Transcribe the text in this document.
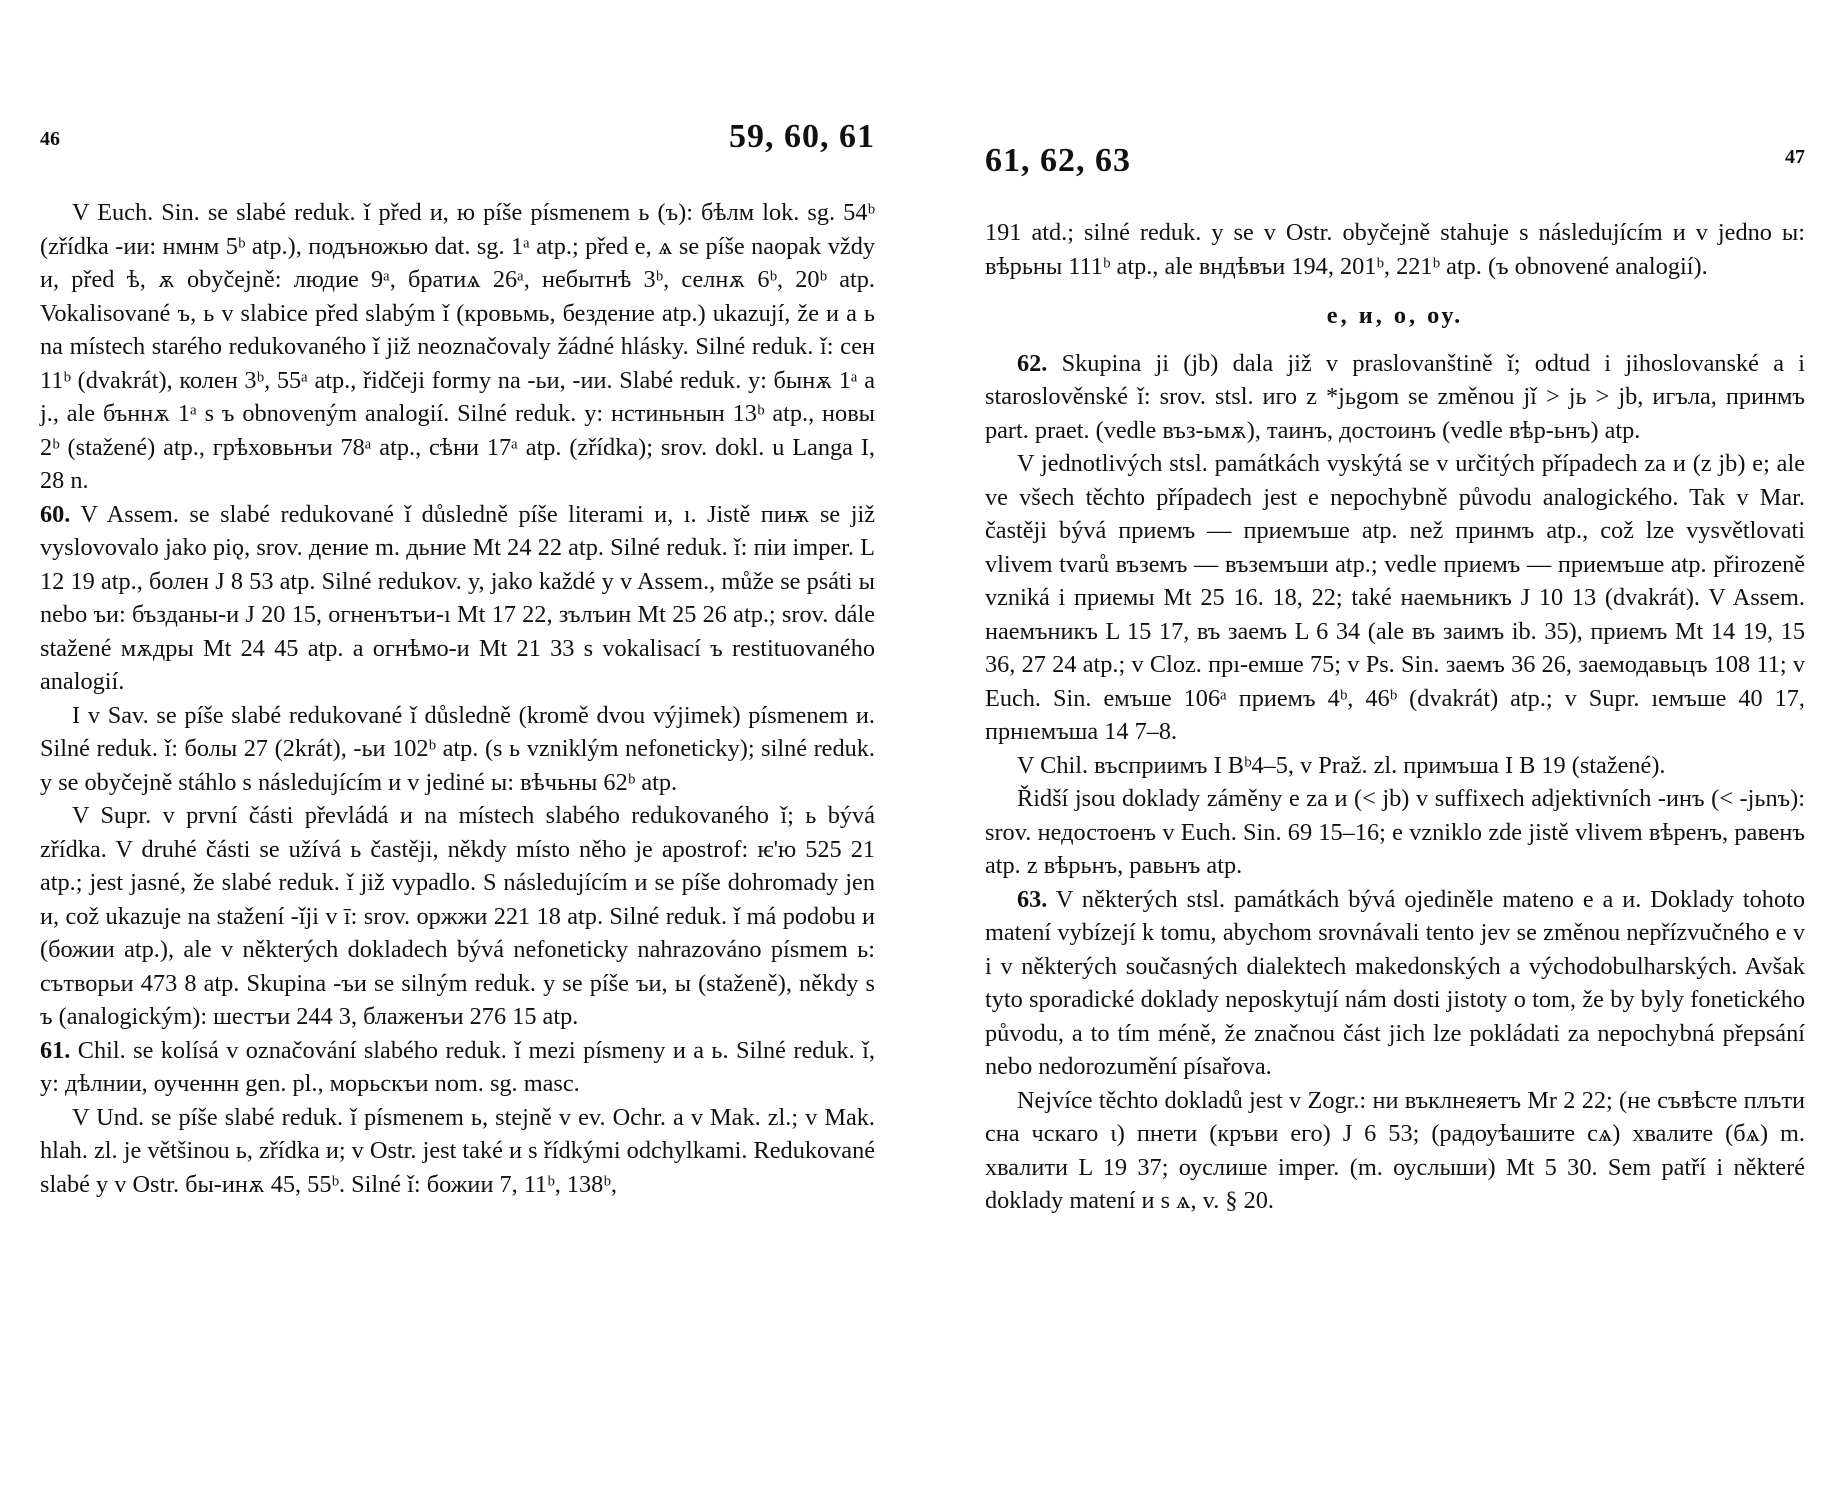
46	59, 60, 61

V Euch. Sin. se slabé reduk. ǐ před и, ю píše písmenem ь (ъ): бѣлм lok. sg. 54ᵇ (zřídka -ии: нмнм 5ᵇ atp.), подъножью dat. sg. 1ᵃ atp.; před е, ѧ se píše naopak vždy и, před ѣ, ѫ obyčejně: людие 9ᵃ, братиѧ 26ᵃ, небытнѣ 3ᵇ, селнѫ 6ᵇ, 20ᵇ atp. Vokalisované ъ, ь v slabice před slabým ǐ (кровьмь, бездение atp.) ukazují, že и a ь na místech starého redukovaného ǐ již neoznačovaly žádné hlásky. Silné reduk. ǐ: сен 11ᵇ (dvakrát), колен 3ᵇ, 55ᵃ atp., řidčeji formy na -ьи, -ии. Slabé reduk. y: бынѫ 1ᵃ a j., ale бъннѫ 1ᵃ s ъ obnoveným analogií. Silné reduk. y: нстиньнын 13ᵇ atp., новы 2ᵇ (stažené) atp., грѣховьнъи 78ᵃ atp., сѣни 17ᵃ atp. (zřídka); srov. dokl. u Langa I, 28 n.

60. V Assem. se slabé redukované ǐ důsledně píše literami и, ı. Jistě пиѭ se již vyslovovalo jako piǫ, srov. дение m. дьние Mt 24 22 atp. Silné reduk. ǐ: пiи imper. L 12 19 atp., болен J 8 53 atp. Silné redukov. y, jako každé y v Assem., může se psáti ы nebo ъи: бъзданы-и J 20 15, огненътъи-ı Mt 17 22, зълъин Mt 25 26 atp.; srov. dále stažené мѫдры Mt 24 45 atp. a огнѣмо-и Mt 21 33 s vokalisací ъ restituovaného analogií.

I v Sav. se píše slabé redukované ǐ důsledně (kromě dvou výjimek) písmenem и. Silné reduk. ǐ: болы 27 (2krát), -ьи 102ᵇ atp. (s ь vzniklým nefoneticky); silné reduk. y se obyčejně stáhlo s následujícím и v jediné ы: вѣчьны 62ᵇ atp.

V Supr. v první části převládá и na místech slabého redukovaného ǐ; ь bývá zřídka. V druhé části se užívá ь častěji, někdy místo něho je apostrof: ѥ'ю 525 21 atp.; jest jasné, že slabé reduk. ǐ již vypadlo. S následujícím и se píše dohromady jen и, což ukazuje na stažení -ǐji v ī: srov. оржжи 221 18 atp. Silné reduk. ǐ má podobu и (божии atp.), ale v některých dokladech bývá nefoneticky nahrazováno písmem ь: сътворьи 473 8 atp. Skupina -ъи se silným reduk. y se píše ъи, ы (staženě), někdy s ъ (analogickým): шестъи 244 3, блаженъи 276 15 atp.

61. Chil. se kolísá v označování slabého reduk. ǐ mezi písmeny и a ь. Silné reduk. ǐ, y: дѣлнии, оученнн gen. pl., морьскъи nom. sg. masc.

V Und. se píše slabé reduk. ǐ písmenem ь, stejně v ev. Ochr. a v Mak. zl.; v Mak. hlah. zl. je většinou ь, zřídka и; v Ostr. jest také и s řídkými odchylkami. Redukované slabé y v Ostr. бы-инѫ 45, 55ᵇ. Silné ǐ: божии 7, 11ᵇ, 138ᵇ,

61, 62, 63	47

191 atd.; silné reduk. y se v Ostr. obyčejně stahuje s následujícím и v jedno ы: вѣрьны 111ᵇ atp., ale вндѣвъи 194, 201ᵇ, 221ᵇ atp. (ъ obnovené analogií).

е, и, о, оу.

62. Skupina ji (jb) dala již v praslovanštině ǐ; odtud i jihoslovanské a i staroslověnské ǐ: srov. stsl. иго z *jьgom se změnou jǐ > jь > jb, игъла, принмъ part. praet. (vedle въз-ьмѫ), тaинъ, достоинъ (vedle вѣр-ьнъ) atp.

V jednotlivých stsl. památkách vyskýtá se v určitých případech za и (z jb) е; ale ve všech těchto případech jest е nepochybně původu analogického. Tak v Mar. častěji bývá приемъ — приемъше atp. než принмъ atp., což lze vysvětlovati vlivem tvarů въземъ — въземъши atp.; vedle приемъ — приемъше atp. přirozeně vzniká i приемы Mt 25 16. 18, 22; také наемьникъ J 10 13 (dvakrát). V Assem. наемъникъ L 15 17, въ заемъ L 6 34 (ale въ заимъ ib. 35), приемъ Mt 14 19, 15 36, 27 24 atp.; v Cloz. прı-емше 75; v Ps. Sin. заемъ 36 26, заемодавьцъ 108 11; v Euch. Sin. емъше 106ᵃ приемъ 4ᵇ, 46ᵇ (dvakrát) atp.; v Supr. ıемъше 40 17, прнıемъша 14 7–8.

V Chil. въсприимъ I Bᵇ4–5, v Praž. zl. примъша I B 19 (stažené).

Řidší jsou doklady záměny е za и (< jb) v suffixech adjektivních -инъ (< -jьnъ): srov. недостоенъ v Euch. Sin. 69 15–16; е vzniklo zde jistě vlivem вѣренъ, равенъ atp. z вѣрьнъ, равьнъ atp.

63. V některých stsl. památkách bývá ojediněle mateno е a и. Doklady tohoto matení vybízejí k tomu, abychom srovnávali tento jev se změnou nepřízvučného e v i v některých současných dialektech makedonských a východobulharských. Avšak tyto sporadické doklady neposkytují nám dosti jistoty o tom, že by byly fonetického původu, a to tím méně, že značnou část jich lze pokládati za nepochybná přepsání nebo nedorozumění písařova.

Nejvíce těchto dokladů jest v Zogr.: ни въклнеяетъ Mr 2 22; (не съвѣсте плъти сна чскаго ι) пнети (кръви его) J 6 53; (радоуѣашите сѧ) хвалите (бѧ) m. хвалити L 19 37; оуслише imper. (m. оуслыши) Mt 5 30. Sem patří i některé doklady matení и s ѧ, v. § 20.
